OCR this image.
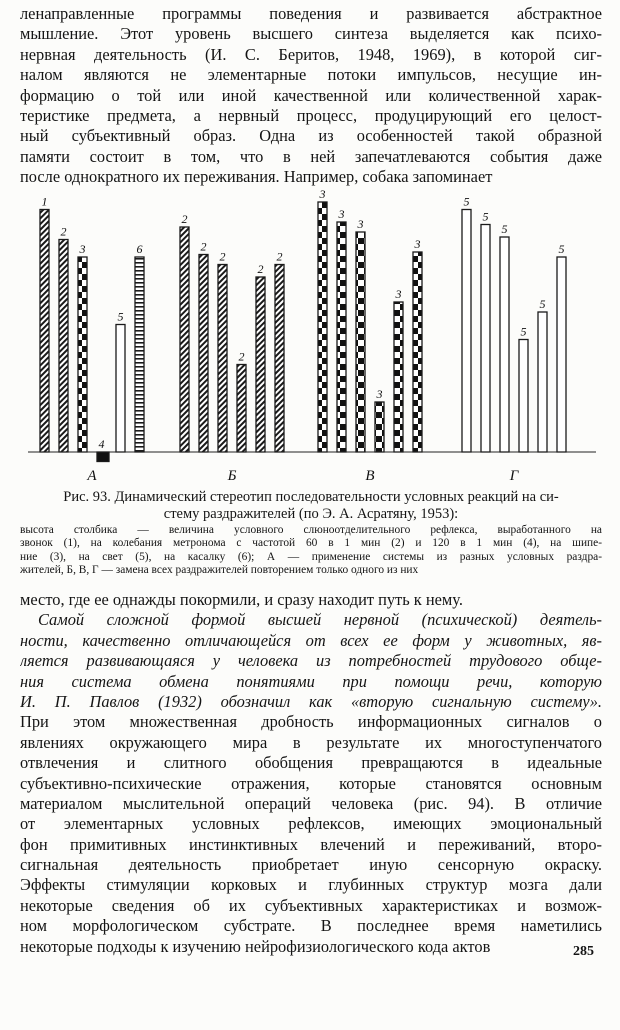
ленаправленные программы поведения и развивается абстрактное
мышление. Этот уровень высшего синтеза выделяется как психо-
нервная деятельность (И. С. Беритов, 1948, 1969), в которой сиг-
налом являются не элементарные потоки импульсов, несущие ин-
формацию о той или иной качественной или количественной харак-
теристике предмета, а нервный процесс, продуцирующий его целост-
ный субъективный образ. Одна из особенностей такой образной
памяти состоит в том, что в ней запечатлеваются события даже
после однократного их переживания. Например, собака запоминает
1
2
3
4
5
6
2
2
2
2
2
2
3
3
3
3
3
3
5
5
5
5
5
5
А	Б	В	Г
Рис. 93. Динамический стереотип последовательности условных реакций на си-
стему раздражителей (по Э. А. Асратяну, 1953):
высота столбика — величина условного слюноотделительного рефлекса, выработанного на
звонок (1), на колебания метронома с частотой 60 в 1 мин (2) и 120 в 1 мин (4), на шипе-
ние (3), на свет (5), на касалку (6); А — применение системы из разных условных раздра-
жителей, Б, В, Г — замена всех раздражителей повторением только одного из них
место, где ее однажды покормили, и сразу находит путь к нему.
Самой сложной формой высшей нервной (психической) деятель-
ности, качественно отличающейся от всех ее форм у животных, яв-
ляется развивающаяся у человека из потребностей трудового обще-
ния система обмена понятиями при помощи речи, которую
И. П. Павлов (1932) обозначил как «вторую сигнальную систему».
При этом множественная дробность информационных сигналов о
явлениях окружающего мира в результате их многоступенчатого
отвлечения и слитного обобщения превращаются в идеальные
субъективно-психические отражения, которые становятся основным
материалом мыслительной операций человека (рис. 94). В отличие
от элементарных условных рефлексов, имеющих эмоциональный
фон примитивных инстинктивных влечений и переживаний, второ-
сигнальная деятельность приобретает иную сенсорную окраску.
Эффекты стимуляции корковых и глубинных структур мозга дали
некоторые сведения об их субъективных характеристиках и возмож-
ном морфологическом субстрате. В последнее время наметились
некоторые подходы к изучению нейрофизиологического кода актов	285
